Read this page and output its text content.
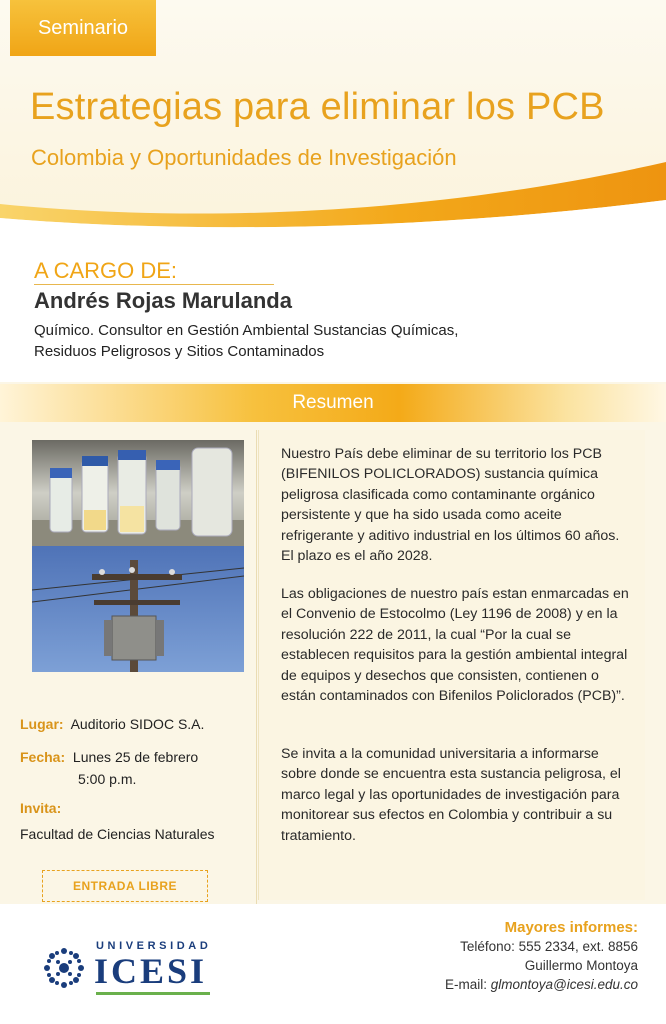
Seminario
Estrategias para eliminar los PCB
Colombia y Oportunidades de Investigación
A CARGO DE:
Andrés Rojas Marulanda
Químico. Consultor en Gestión Ambiental Sustancias Químicas,
Residuos Peligrosos y Sitios Contaminados
Resumen
Lugar: Auditorio SIDOC S.A.
Fecha: Lunes 25 de febrero
5:00 p.m.
Invita:
Facultad de Ciencias Naturales
ENTRADA LIBRE
Nuestro País debe eliminar de su territorio los PCB (BIFENILOS POLICLORADOS) sustancia química peligrosa clasificada como contaminante orgánico persistente y que ha sido usada como aceite refrigerante y aditivo industrial en los últimos 60 años. El plazo es el año 2028.
Las obligaciones de nuestro país estan enmarcadas en el Convenio de Estocolmo (Ley 1196 de 2008) y en la resolución 222 de 2011, la cual “Por la cual se establecen requisitos para la gestión ambiental integral de equipos y desechos que consisten, contienen o están contaminados con Bifenilos Policlorados (PCB)”.
Se invita a la comunidad universitaria a informarse sobre donde se encuentra esta sustancia peligrosa, el marco legal y las oportunidades de investigación para monitorear sus efectos en Colombia y contribuir a su tratamiento.
UNIVERSIDAD
ICESI
Mayores informes:
Teléfono: 555 2334, ext. 8856
Guillermo Montoya
E-mail: glmontoya@icesi.edu.co
